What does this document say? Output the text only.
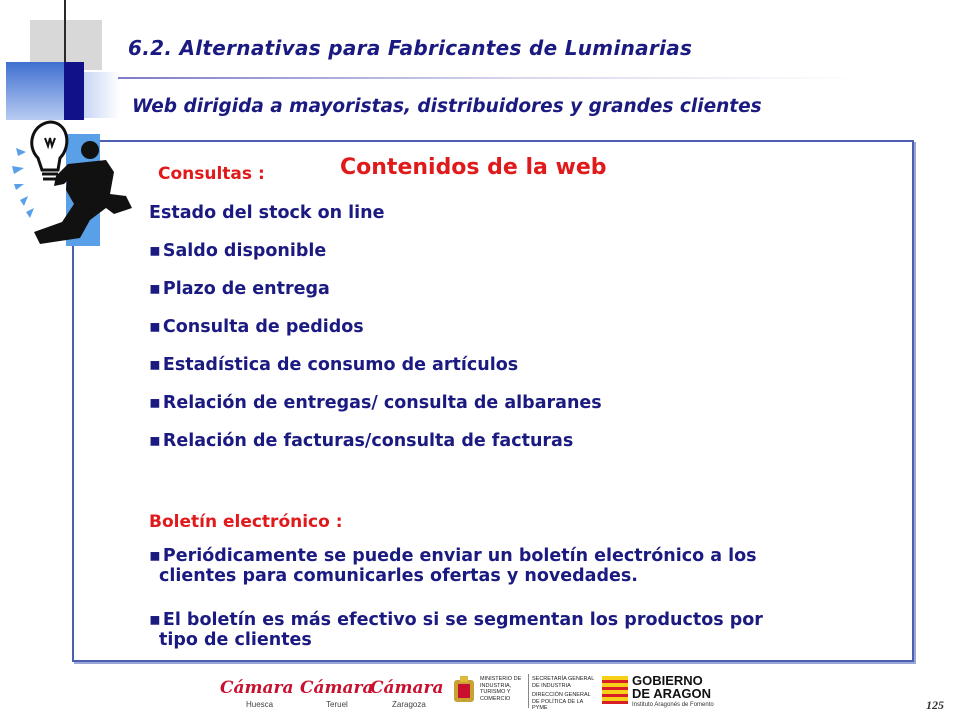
6.2. Alternativas para Fabricantes de Luminarias
Web dirigida a mayoristas, distribuidores y grandes clientes
Contenidos de la web
Consultas :
Estado del stock on line
▪ Saldo disponible
▪ Plazo de entrega
▪ Consulta de pedidos
▪ Estadística de consumo de artículos
▪ Relación de entregas/ consulta de albaranes
▪ Relación de facturas/consulta de facturas
Boletín electrónico :
▪ Periódicamente se puede enviar un boletín electrónico a los
clientes para comunicarles ofertas y novedades.
▪ El boletín es más efectivo si se segmentan los productos por
tipo de clientes
Cámara
Huesca
Cámara
Teruel
Cámara
Zaragoza
MINISTERIO DE INDUSTRIA, TURISMO Y COMERCIO
SECRETARÍA GENERAL DE INDUSTRIA
DIRECCIÓN GENERAL DE POLÍTICA DE LA PYME
GOBIERNO
DE ARAGON
Instituto Aragonés de Fomento	125
